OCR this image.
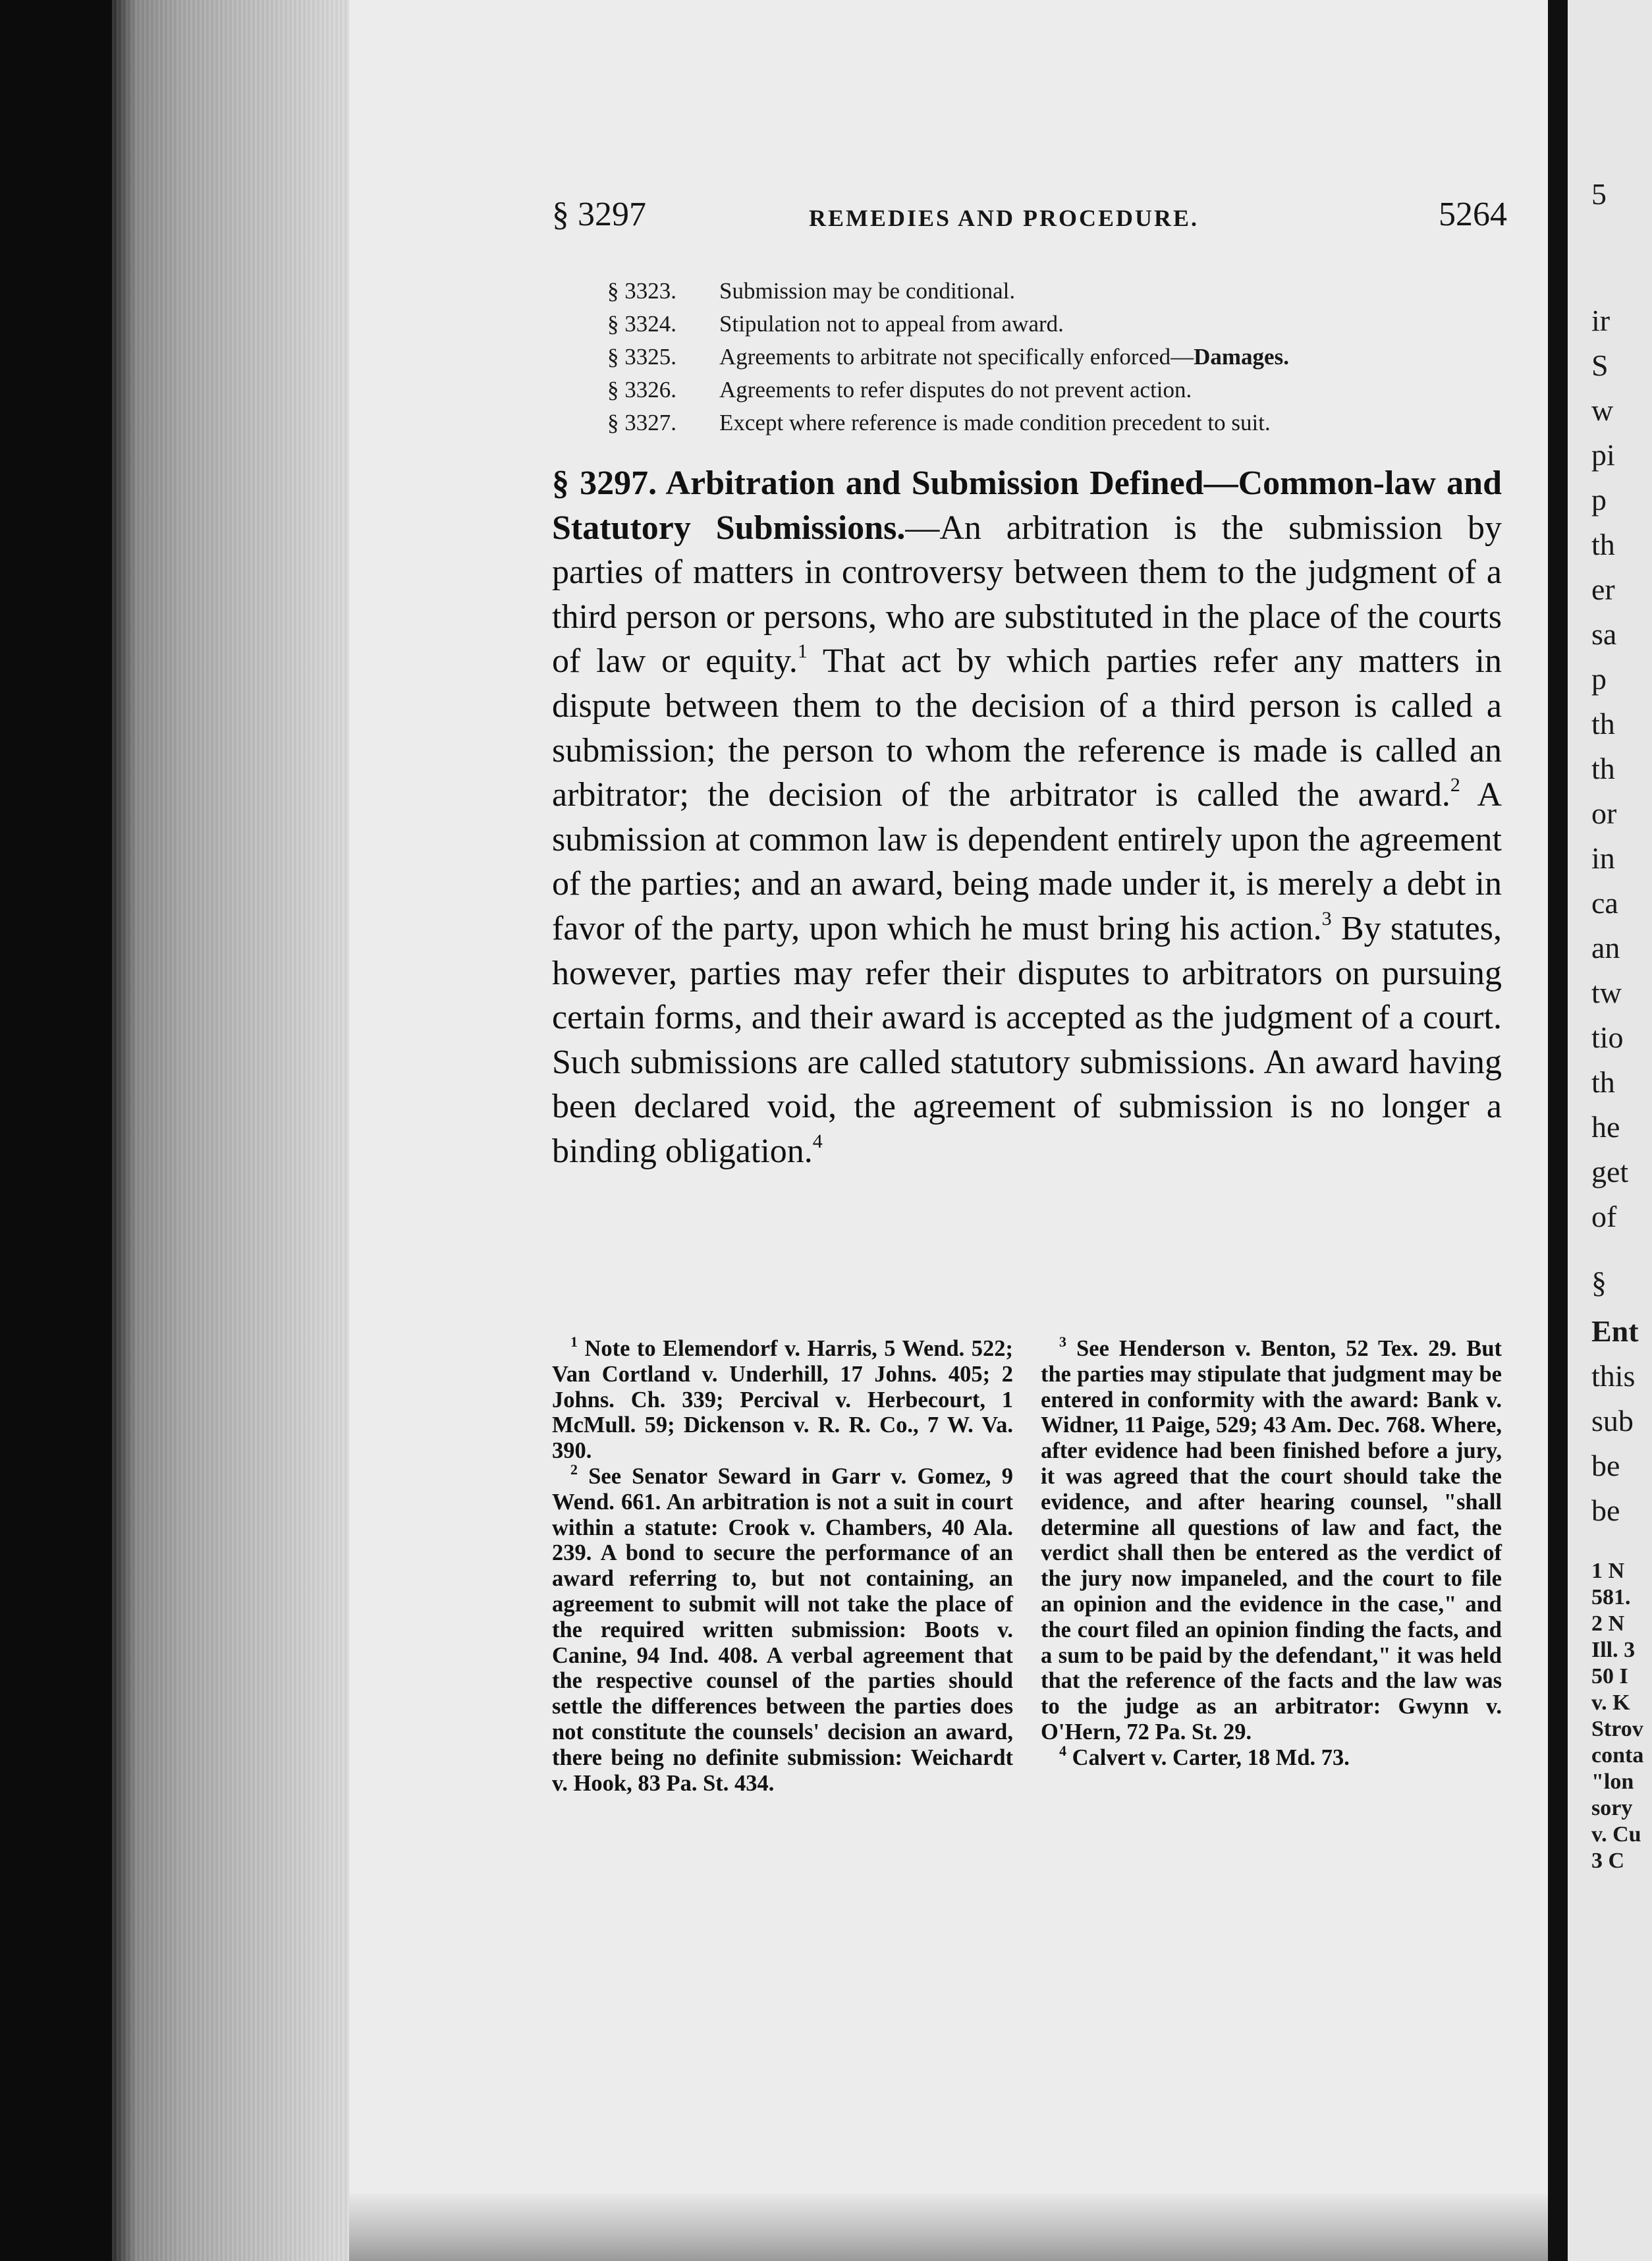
5
ir
S
w
pi
p
th
er
sa
p
th
th
or
in
ca
an
tw
tio
th
he
get
of
§
Ent
this
sub
be
be
1 N
581.
2 N
Ill. 3
50 I
v. K
Strov
conta
"lon
sory
v. Cu
3 C
§ 3297	REMEDIES AND PROCEDURE.	5264
§ 3323.	Submission may be conditional.
§ 3324.	Stipulation not to appeal from award.
§ 3325.	Agreements to arbitrate not specifically enforced—Damages.
§ 3326.	Agreements to refer disputes do not prevent action.
§ 3327.	Except where reference is made condition precedent to suit.
§ 3297. Arbitration and Submission Defined—Common-law and Statutory Submissions.—An arbitration is the submission by parties of matters in controversy between them to the judgment of a third person or persons, who are substituted in the place of the courts of law or equity.$^1$ That act by which parties refer any matters in dispute between them to the decision of a third person is called a submission; the person to whom the reference is made is called an arbitrator; the decision of the arbitrator is called the award.$^2$ A submission at common law is dependent entirely upon the agreement of the parties; and an award, being made under it, is merely a debt in favor of the party, upon which he must bring his action.$^3$ By statutes, however, parties may refer their disputes to arbitrators on pursuing certain forms, and their award is accepted as the judgment of a court. Such submissions are called statutory submissions. An award having been declared void, the agreement of submission is no longer a binding obligation.$^4$

$^1$ Note to Elemendorf v. Harris, 5 Wend. 522; Van Cortland v. Underhill, 17 Johns. 405; 2 Johns. Ch. 339; Percival v. Herbecourt, 1 McMull. 59; Dickenson v. R. R. Co., 7 W. Va. 390.

$^2$ See Senator Seward in Garr v. Gomez, 9 Wend. 661. An arbitration is not a suit in court within a statute: Crook v. Chambers, 40 Ala. 239. A bond to secure the performance of an award referring to, but not containing, an agreement to submit will not take the place of the required written submission: Boots v. Canine, 94 Ind. 408. A verbal agreement that the respective counsel of the parties should settle the differences between the parties does not constitute the counsels' decision an award, there being no definite submission: Weichardt v. Hook, 83 Pa. St. 434.

$^3$ See Henderson v. Benton, 52 Tex. 29. But the parties may stipulate that judgment may be entered in conformity with the award: Bank v. Widner, 11 Paige, 529; 43 Am. Dec. 768. Where, after evidence had been finished before a jury, it was agreed that the court should take the evidence, and after hearing counsel, "shall determine all questions of law and fact, the verdict shall then be entered as the verdict of the jury now impaneled, and the court to file an opinion and the evidence in the case," and the court filed an opinion finding the facts, and a sum to be paid by the defendant," it was held that the reference of the facts and the law was to the judge as an arbitrator: Gwynn v. O'Hern, 72 Pa. St. 29.

$^4$ Calvert v. Carter, 18 Md. 73.
